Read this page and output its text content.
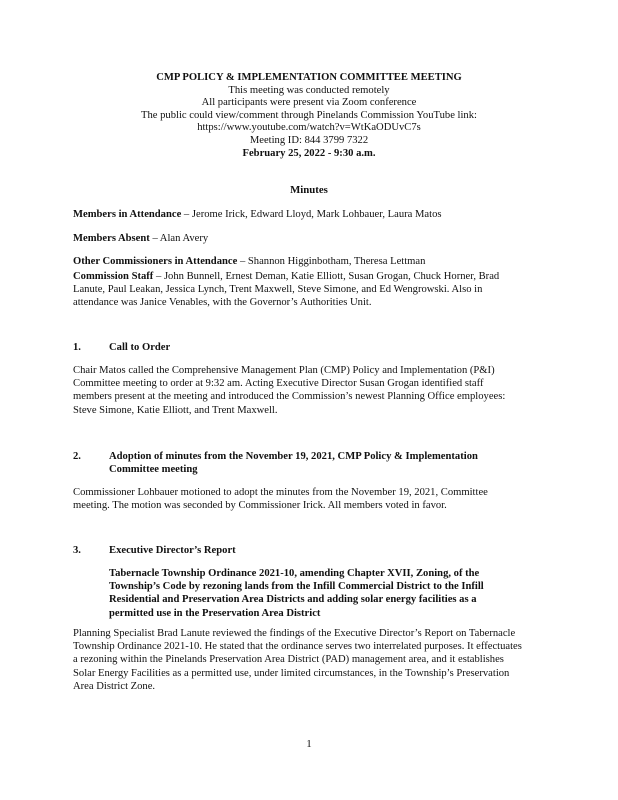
CMP POLICY & IMPLEMENTATION COMMITTEE MEETING
This meeting was conducted remotely
All participants were present via Zoom conference
The public could view/comment through Pinelands Commission YouTube link:
https://www.youtube.com/watch?v=WtKaODUvC7s
Meeting ID: 844 3799 7322
February 25, 2022 - 9:30 a.m.
Minutes
Members in Attendance – Jerome Irick, Edward Lloyd, Mark Lohbauer, Laura Matos
Members Absent – Alan Avery
Other Commissioners in Attendance – Shannon Higginbotham, Theresa Lettman
Commission Staff – John Bunnell, Ernest Deman, Katie Elliott, Susan Grogan, Chuck Horner, Brad
Lanute, Paul Leakan, Jessica Lynch, Trent Maxwell, Steve Simone, and Ed Wengrowski. Also in
attendance was Janice Venables, with the Governor’s Authorities Unit.
1.	Call to Order
Chair Matos called the Comprehensive Management Plan (CMP) Policy and Implementation (P&I)
Committee meeting to order at 9:32 am. Acting Executive Director Susan Grogan identified staff
members present at the meeting and introduced the Commission’s newest Planning Office employees:
Steve Simone, Katie Elliott, and Trent Maxwell.
2.	Adoption of minutes from the November 19, 2021, CMP Policy & Implementation
Committee meeting
Commissioner Lohbauer motioned to adopt the minutes from the November 19, 2021, Committee
meeting. The motion was seconded by Commissioner Irick. All members voted in favor.
3.	Executive Director’s Report
Tabernacle Township Ordinance 2021-10, amending Chapter XVII, Zoning, of the
Township’s Code by rezoning lands from the Infill Commercial District to the Infill
Residential and Preservation Area Districts and adding solar energy facilities as a
permitted use in the Preservation Area District
Planning Specialist Brad Lanute reviewed the findings of the Executive Director’s Report on Tabernacle
Township Ordinance 2021-10. He stated that the ordinance serves two interrelated purposes. It effectuates
a rezoning within the Pinelands Preservation Area District (PAD) management area, and it establishes
Solar Energy Facilities as a permitted use, under limited circumstances, in the Township’s Preservation
Area District Zone.
1
